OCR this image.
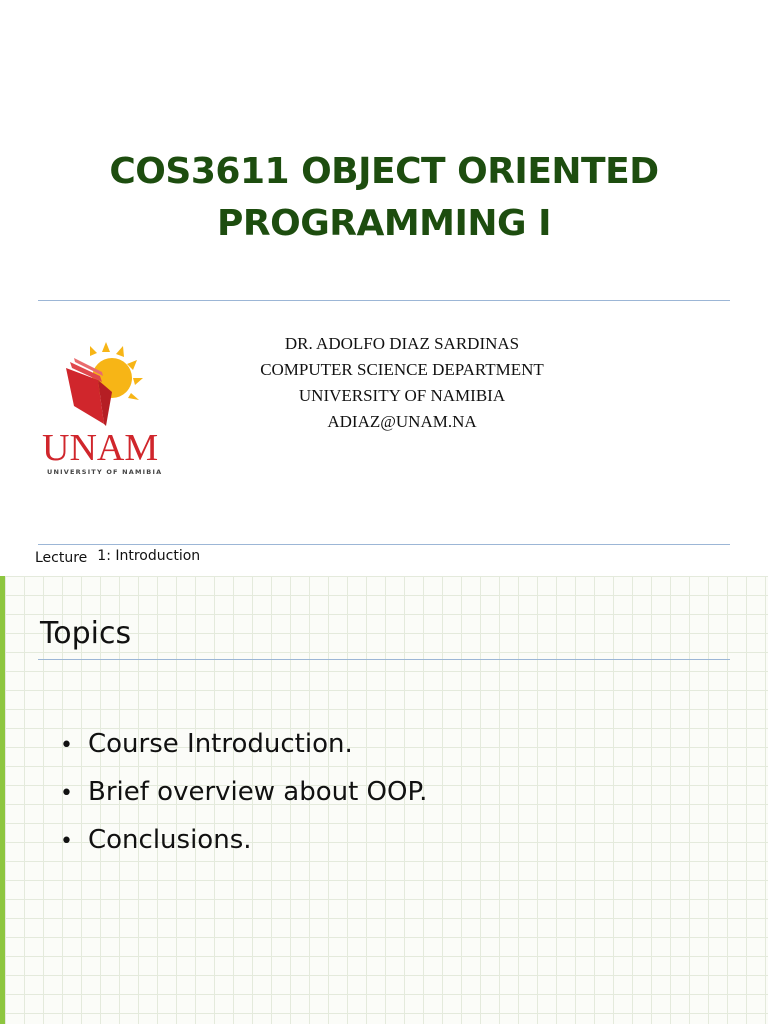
COS3611 OBJECT ORIENTED
PROGRAMMING I
UNAM
UNIVERSITY OF NAMIBIA
DR. ADOLFO DIAZ SARDINAS
COMPUTER SCIENCE DEPARTMENT
UNIVERSITY OF NAMIBIA
ADIAZ@UNAM.NA
Lecture 1: Introduction
Topics
• Course Introduction.
• Brief overview about OOP.
• Conclusions.
